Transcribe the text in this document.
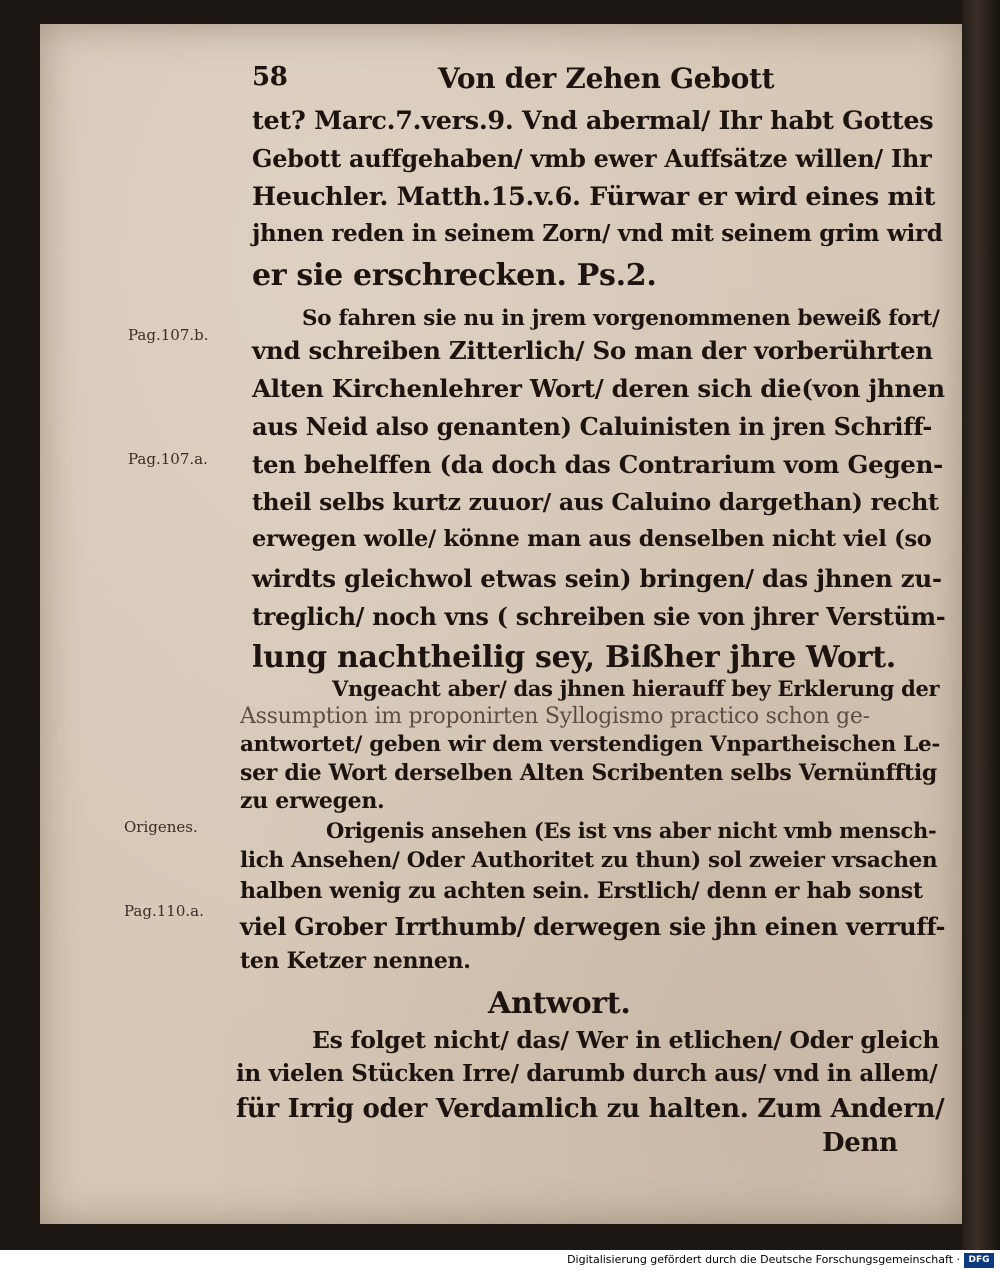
58	Von der Zehen Gebott
Pag.107.b.
Pag.107.a.
Origenes.
Pag.110.a.
tet? Marc.7.vers.9. Vnd abermal/ Ihr habt Gottes
Gebott auffgehaben/ vmb ewer Auffsätze willen/ Ihr
Heuchler. Matth.15.v.6. Fürwar er wird eines mit
jhnen reden in seinem Zorn/ vnd mit seinem grim wird
er sie erschrecken. Ps.2.
So fahren sie nu in jrem vorgenommenen beweiß fort/
vnd schreiben Zitterlich/ So man der vorberührten
Alten Kirchenlehrer Wort/ deren sich die(von jhnen
aus Neid also genanten) Caluinisten in jren Schriff-
ten behelffen (da doch das Contrarium vom Gegen-
theil selbs kurtz zuuor/ aus Caluino dargethan) recht
erwegen wolle/ könne man aus denselben nicht viel (so
wirdts gleichwol etwas sein) bringen/ das jhnen zu-
treglich/ noch vns ( schreiben sie von jhrer Verstüm-
lung nachtheilig sey, Bißher jhre Wort.
Vngeacht aber/ das jhnen hierauff bey Erklerung der
Assumption im proponirten Syllogismo practico schon ge-
antwortet/ geben wir dem verstendigen Vnpartheischen Le-
ser die Wort derselben Alten Scribenten selbs Vernünfftig
zu erwegen.
Origenis ansehen (Es ist vns aber nicht vmb mensch-
lich Ansehen/ Oder Authoritet zu thun) sol zweier vrsachen
halben wenig zu achten sein. Erstlich/ denn er hab sonst
viel Grober Irrthumb/ derwegen sie jhn einen verruff-
ten Ketzer nennen.
Antwort.
Es folget nicht/ das/ Wer in etlichen/ Oder gleich
in vielen Stücken Irre/ darumb durch aus/ vnd in allem/
für Irrig oder Verdamlich zu halten. Zum Andern/
Denn
Digitalisierung gefördert durch die Deutsche Forschungsgemeinschaft · DFG
